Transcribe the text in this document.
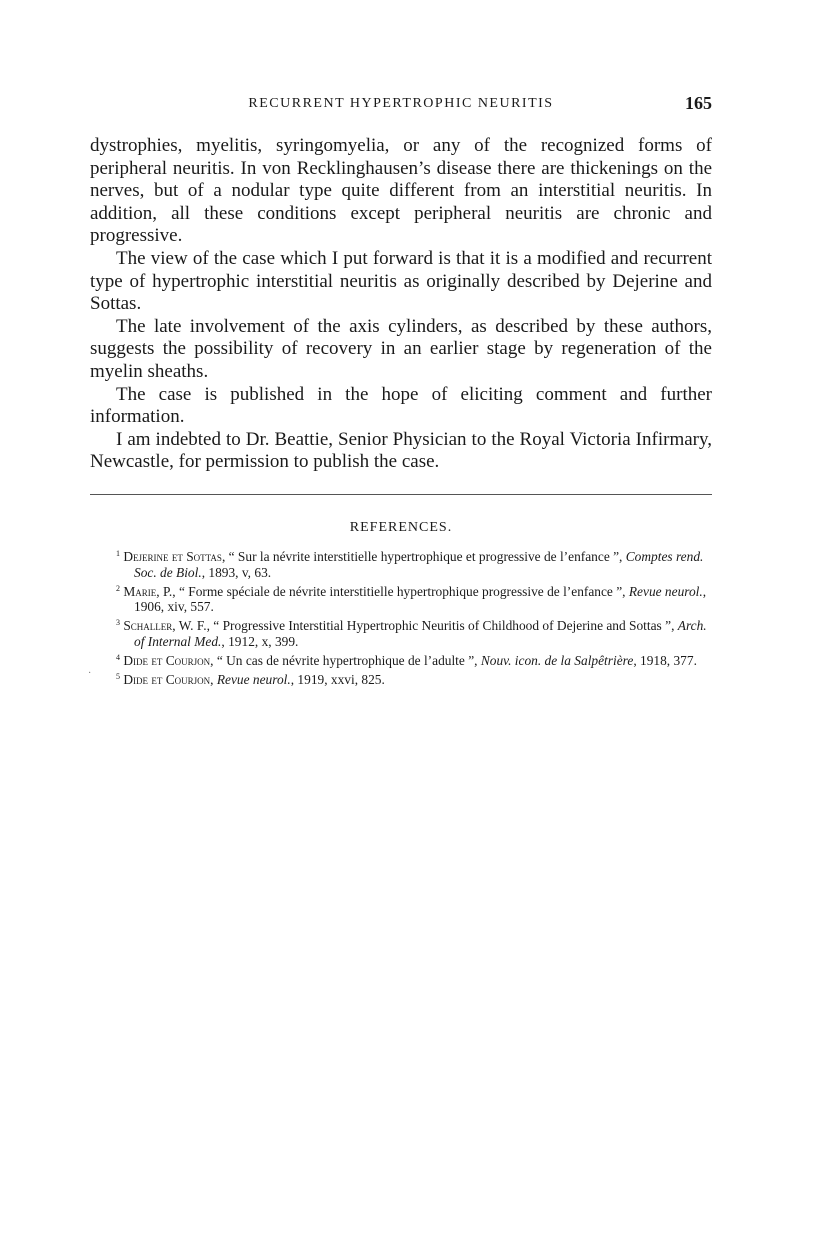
RECURRENT HYPERTROPHIC NEURITIS	165

dystrophies, myelitis, syringomyelia, or any of the recognized forms of peripheral neuritis. In von Recklinghausen’s disease there are thickenings on the nerves, but of a nodular type quite different from an interstitial neuritis. In addition, all these conditions except peripheral neuritis are chronic and progressive.

The view of the case which I put forward is that it is a modified and recurrent type of hypertrophic interstitial neuritis as originally described by Dejerine and Sottas.

The late involvement of the axis cylinders, as described by these authors, suggests the possibility of recovery in an earlier stage by regeneration of the myelin sheaths.

The case is published in the hope of eliciting comment and further information.

I am indebted to Dr. Beattie, Senior Physician to the Royal Victoria Infirmary, Newcastle, for permission to publish the case.

REFERENCES.

$^1$ Dejerine et Sottas, “ Sur la névrite interstitielle hypertrophique et progressive de l’enfance ”, Comptes rend. Soc. de Biol., 1893, v, 63.

$^2$ Marie, P., “ Forme spéciale de névrite interstitielle hypertrophique progressive de l’enfance ”, Revue neurol., 1906, xiv, 557.

$^3$ Schaller, W. F., “ Progressive Interstitial Hypertrophic Neuritis of Childhood of Dejerine and Sottas ”, Arch. of Internal Med., 1912, x, 399.

$^4$ Dide et Courjon, “ Un cas de névrite hypertrophique de l’adulte ”, Nouv. icon. de la Salpêtrière, 1918, 377.

$^5$ Dide et Courjon, Revue neurol., 1919, xxvi, 825.

·
